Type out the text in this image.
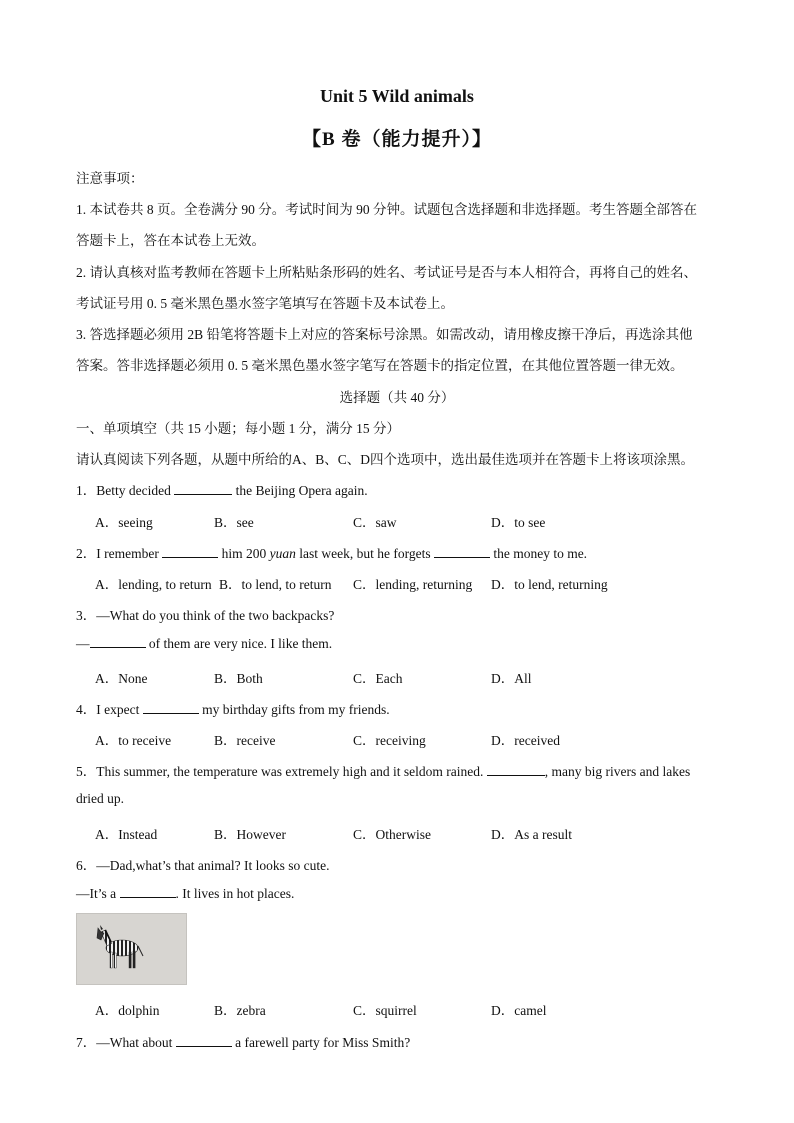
Unit 5 Wild animals
【B 卷（能力提升）】
注意事项：
1. 本试卷共 8 页。全卷满分 90 分。考试时间为 90 分钟。试题包含选择题和非选择题。考生答题全部答在
答题卡上，答在本试卷上无效。
2. 请认真核对监考教师在答题卡上所粘贴条形码的姓名、考试证号是否与本人相符合，再将自己的姓名、
考试证号用 0. 5 毫米黑色墨水签字笔填写在答题卡及本试卷上。
3. 答选择题必须用 2B 铅笔将答题卡上对应的答案标号涂黑。如需改动，请用橡皮擦干净后，再选涂其他
答案。答非选择题必须用 0. 5 毫米黑色墨水签字笔写在答题卡的指定位置，在其他位置答题一律无效。
选择题（共 40 分）
一、单项填空（共 15 小题；每小题 1 分，满分 15 分）
请认真阅读下列各题，从题中所给的A、B、C、D四个选项中，选出最佳选项并在答题卡上将该项涂黑。
1．Betty decided	the Beijing Opera again.
A．seeing	B．see	C．saw	D．to see
2．I remember	him 200 yuan last week, but he forgets	the money to me.
A．lending, to return B．to lend, to return C．lending, returning D．to lend, returning
3．—What do you think of the two backpacks?
—	of them are very nice. I like them.
A．None	B．Both	C．Each	D．All
4．I expect	my birthday gifts from my friends.
A．to receive	B．receive	C．receiving	D．received
5．This summer, the temperature was extremely high and it seldom rained.	, many big rivers and lakes
dried up.
A．Instead	B．However	C．Otherwise	D．As a result
6．—Dad,what’s that animal? It looks so cute.
—It’s a	. It lives in hot places.
A．dolphin	B．zebra	C．squirrel	D．camel
7．—What about	a farewell party for Miss Smith?
